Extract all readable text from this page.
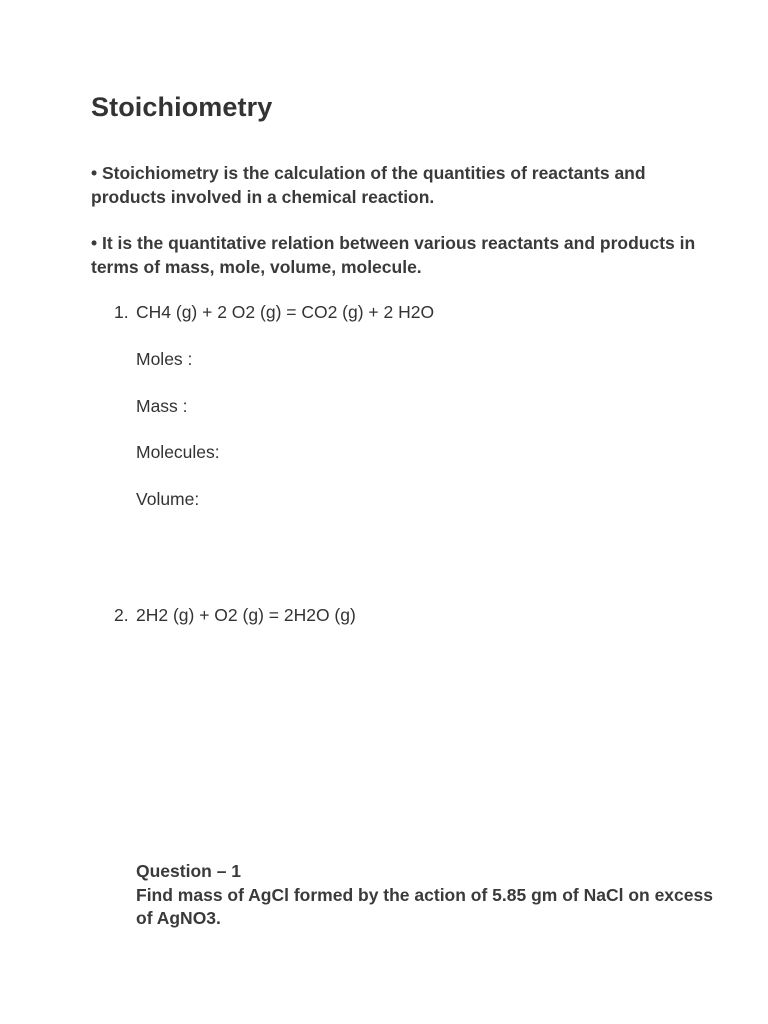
Stoichiometry

• Stoichiometry is the calculation of the quantities of reactants and products involved in a chemical reaction.

• It is the quantitative relation between various reactants and products in terms of mass, mole, volume, molecule.

1. CH4 (g) + 2 O2 (g) = CO2 (g) + 2 H2O

Moles :

Mass :

Molecules:

Volume:

2. 2H2 (g) + O2 (g) = 2H2O (g)
Question – 1
Find mass of AgCl formed by the action of 5.85 gm of NaCl on excess of AgNO3.
